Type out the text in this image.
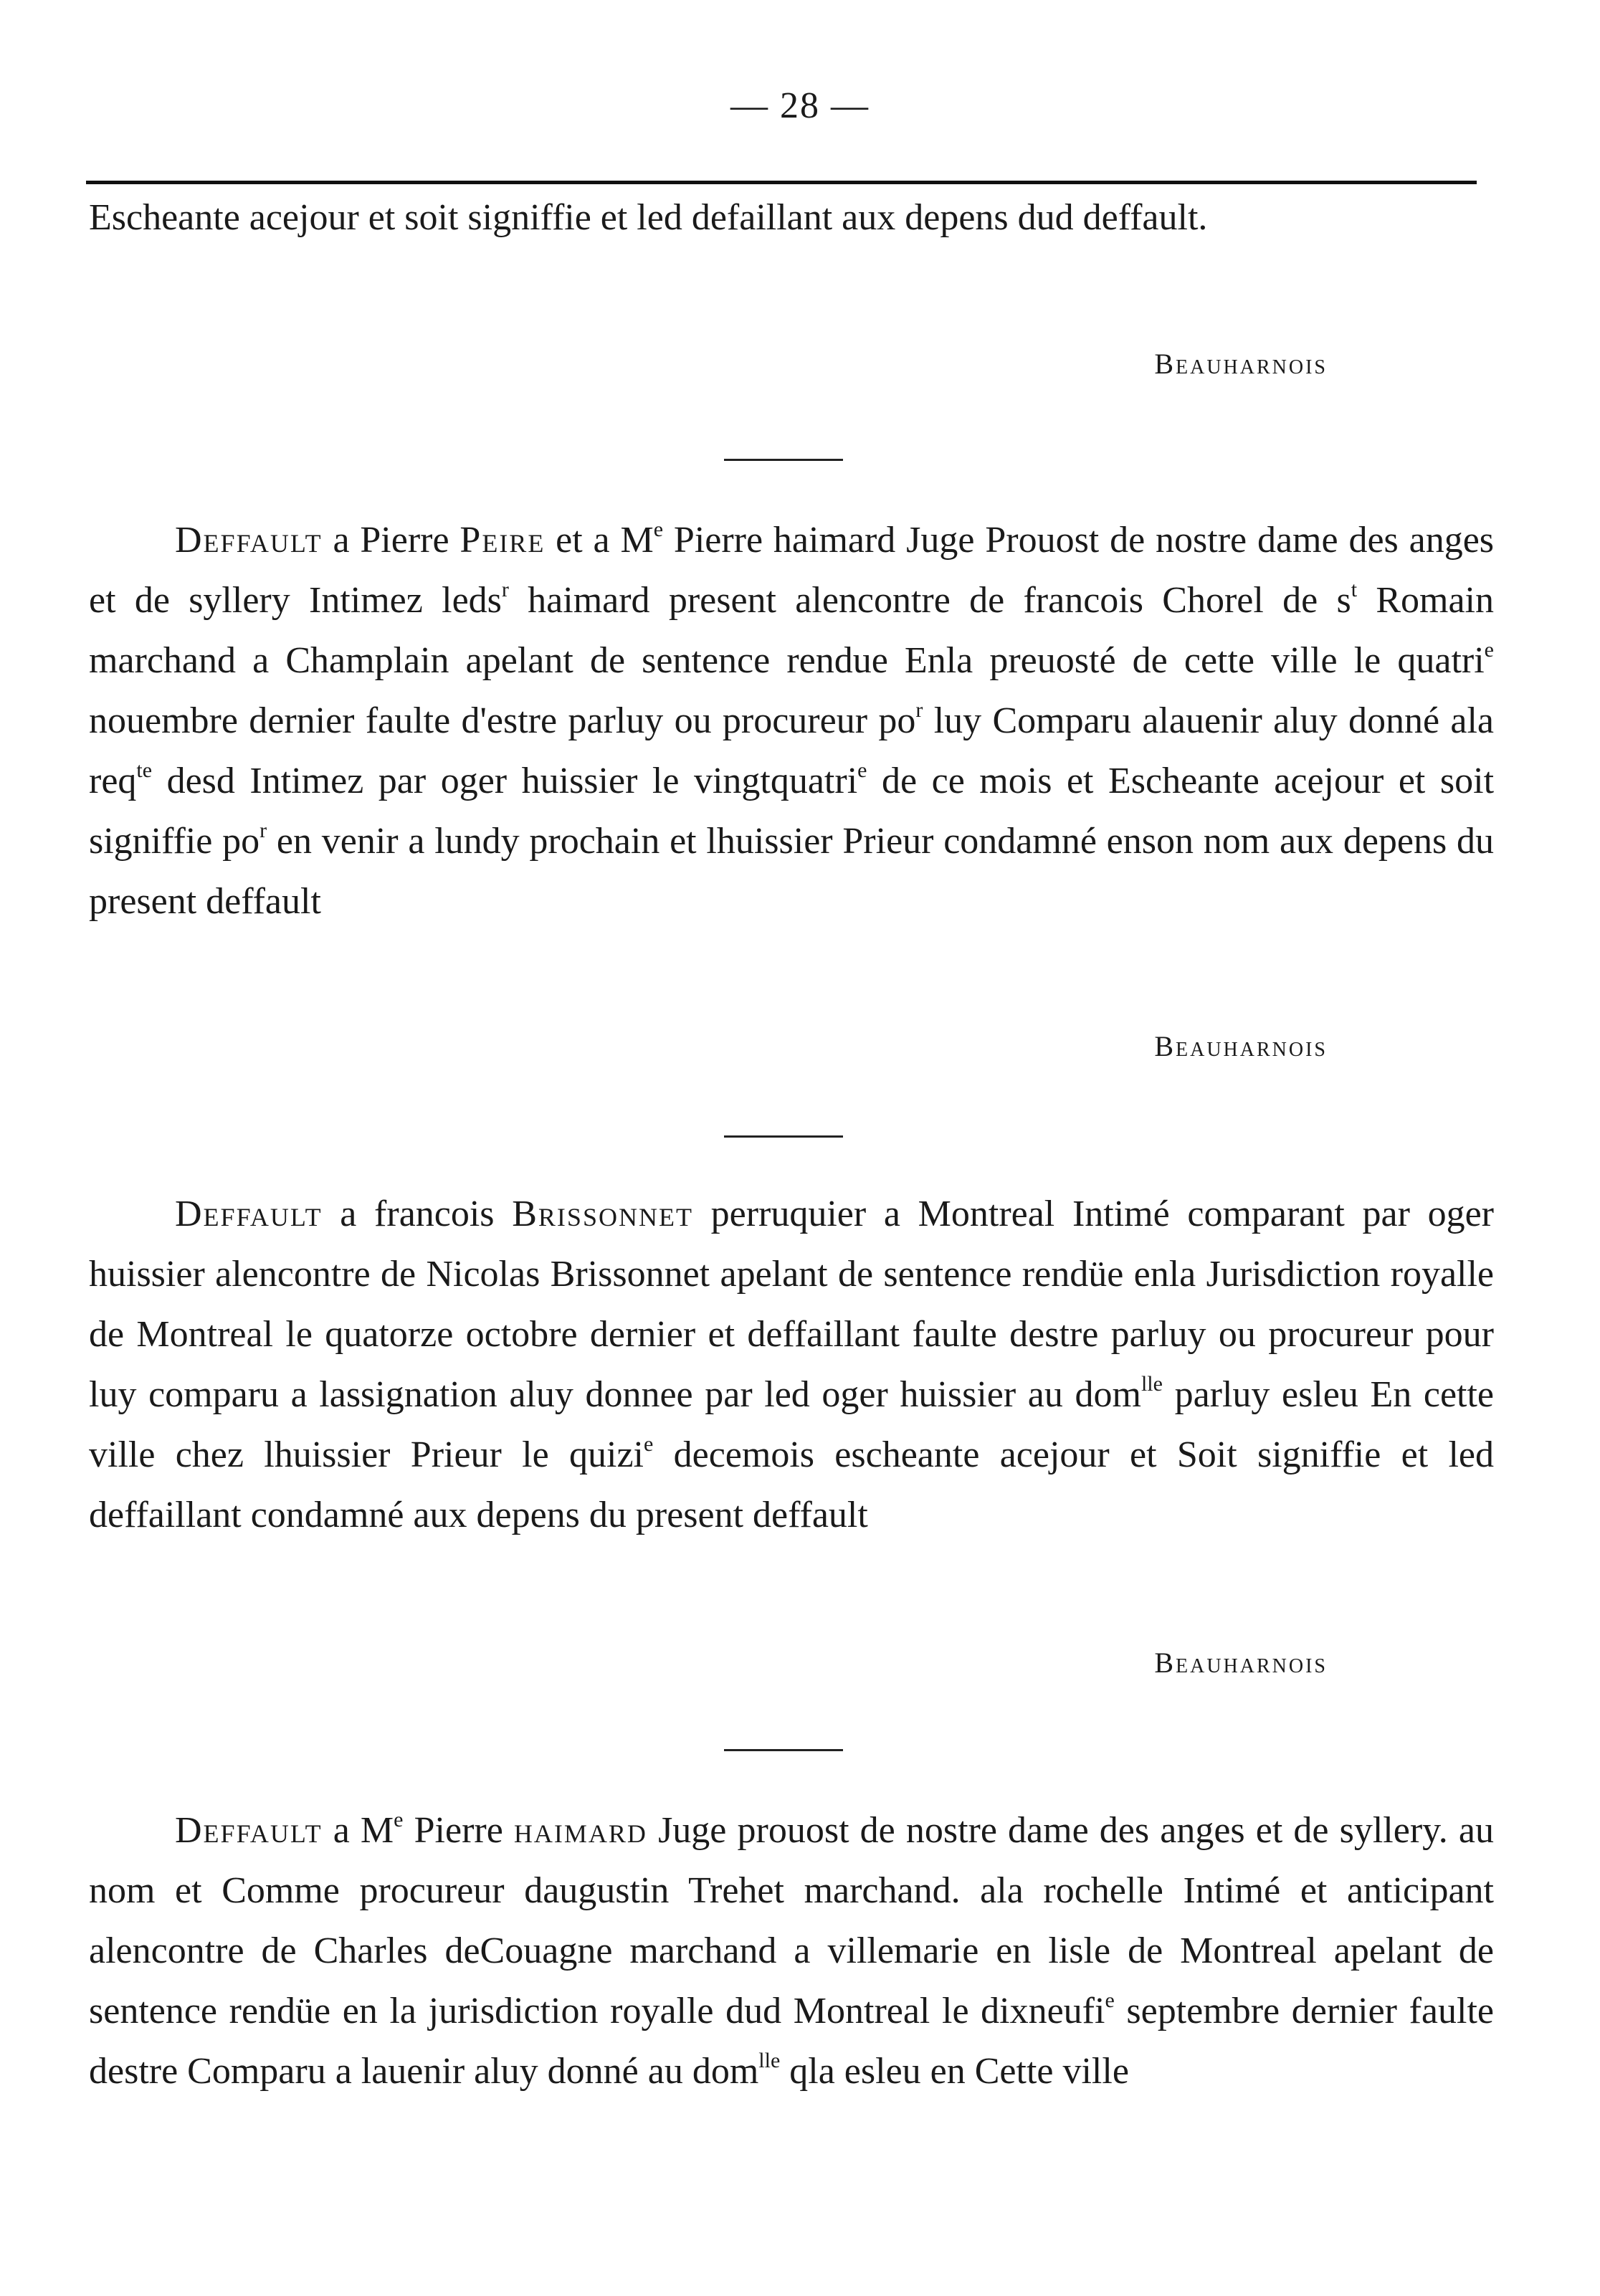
— 28 —

Escheante acejour et soit signiffie et led defaillant aux depens dud deffault.

Beauharnois

Deffault a Pierre Peire et a Me Pierre haimard Juge Prouost de nostre dame des anges et de syllery Intimez leds$^r$ haimard present alencontre de francois Chorel de $s^t$ Romain marchand a Champlain apelant de sentence rendue Enla preuosté de cette ville le quatri$^e$ nouembre dernier faulte d'estre parluy ou procureur $po^r$ luy Comparu alauenir aluy donné ala req$^{te}$ desd Intimez par oger huissier le vingtquatri$^e$ de ce mois et Escheante acejour et soit signiffie $po^r$ en venir a lundy prochain et lhuissier Prieur condamné enson nom aux depens du present deffault

Beauharnois

Deffault a francois Brissonnet perruquier a Montreal Intimé comparant par oger huissier alencontre de Nicolas Brissonnet apelant de sentence rendüe enla Jurisdiction royalle de Montreal le quatorze octobre dernier et deffaillant faulte destre parluy ou procureur pour luy comparu a lassignation aluy donnee par led oger huissier au dom$^{lle}$ parluy esleu En cette ville chez lhuissier Prieur le quizi$^e$ decemois escheante acejour et Soit signiffie et led deffaillant condamné aux depens du present deffault

Beauharnois

Deffault a Me Pierre haimard Juge prouost de nostre dame des anges et de syllery. au nom et Comme procureur daugustin Trehet marchand. ala rochelle Intimé et anticipant alencontre de Charles deCouagne marchand a villemarie en lisle de Montreal apelant de sentence rendüe en la jurisdiction royalle dud Montreal le dixneufi$^e$ septembre dernier faulte destre Comparu a lauenir aluy donné au dom$^{lle}$ qla esleu en Cette ville
